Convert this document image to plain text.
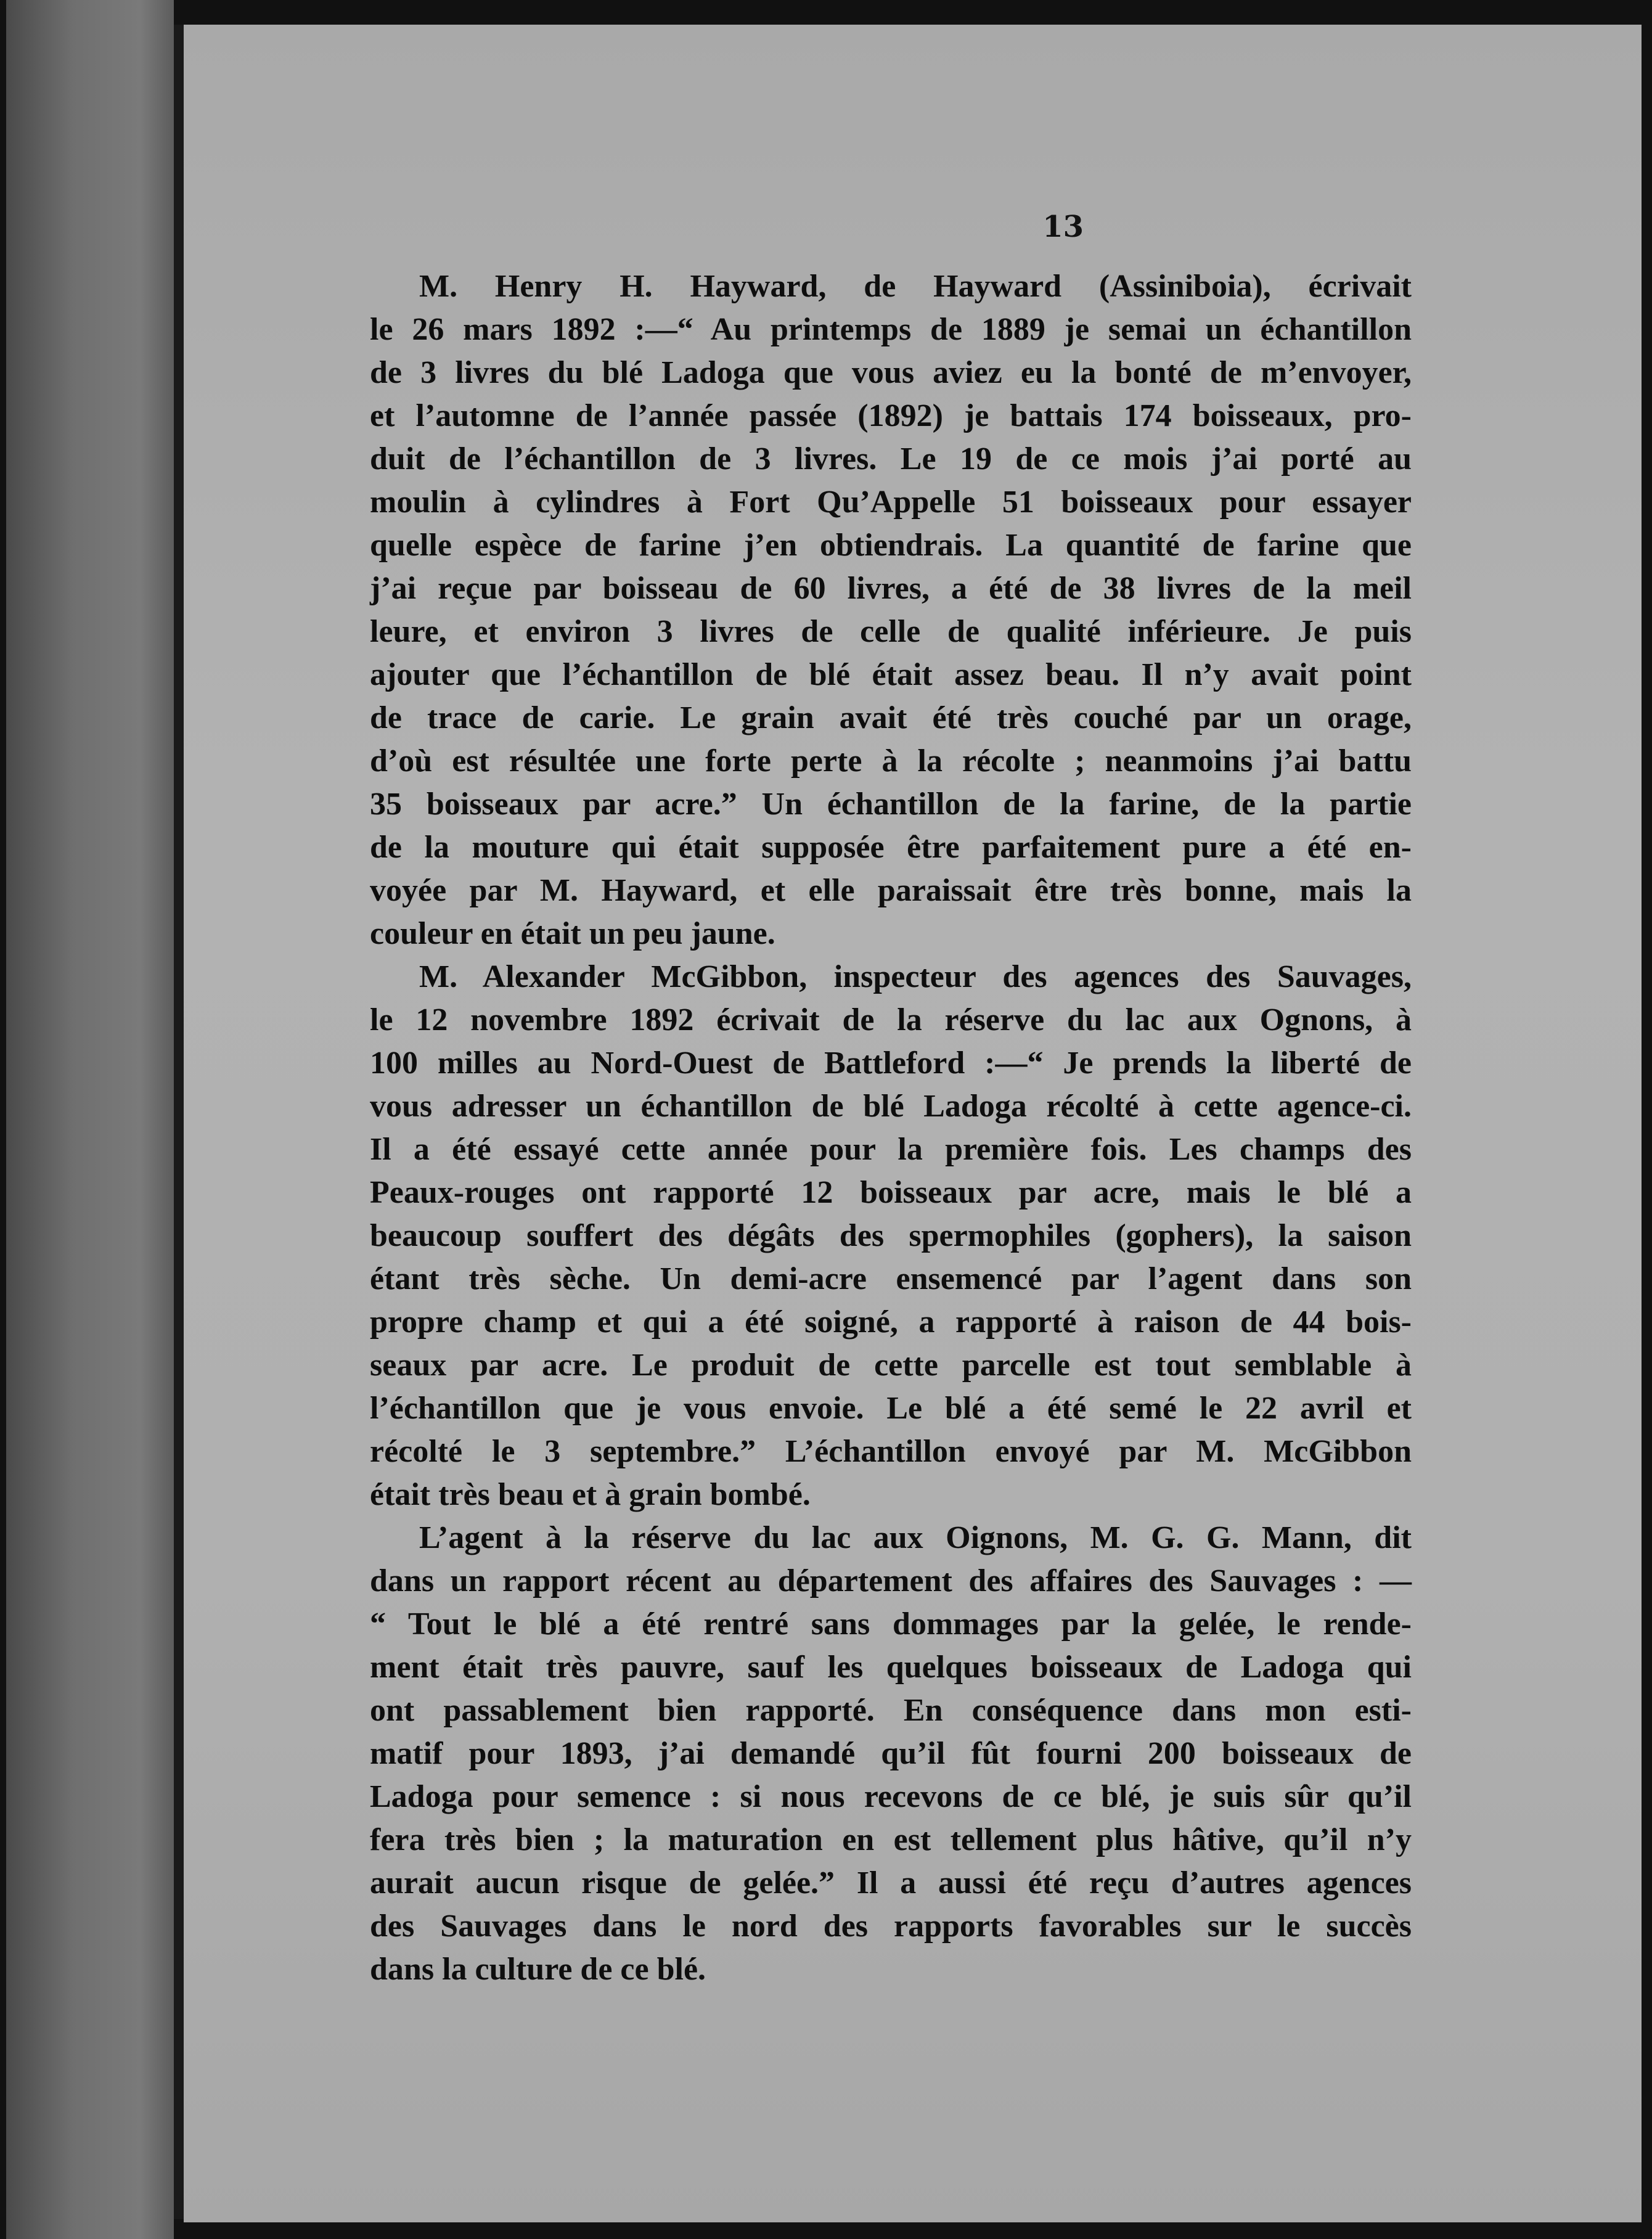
13
M. Henry H. Hayward, de Hayward (Assiniboia), écrivait
le 26 mars 1892 :—“ Au printemps de 1889 je semai un échantillon
de 3 livres du blé Ladoga que vous aviez eu la bonté de m’envoyer,
et l’automne de l’année passée (1892) je battais 174 boisseaux, pro-
duit de l’échantillon de 3 livres. Le 19 de ce mois j’ai porté au
moulin à cylindres à Fort Qu’Appelle 51 boisseaux pour essayer
quelle espèce de farine j’en obtiendrais. La quantité de farine que
j’ai reçue par boisseau de 60 livres, a été de 38 livres de la meil
leure, et environ 3 livres de celle de qualité inférieure. Je puis
ajouter que l’échantillon de blé était assez beau. Il n’y avait point
de trace de carie. Le grain avait été très couché par un orage,
d’où est résultée une forte perte à la récolte ; neanmoins j’ai battu
35 boisseaux par acre.” Un échantillon de la farine, de la partie
de la mouture qui était supposée être parfaitement pure a été en-
voyée par M. Hayward, et elle paraissait être très bonne, mais la
couleur en était un peu jaune.
M. Alexander McGibbon, inspecteur des agences des Sauvages,
le 12 novembre 1892 écrivait de la réserve du lac aux Ognons, à
100 milles au Nord-Ouest de Battleford :—“ Je prends la liberté de
vous adresser un échantillon de blé Ladoga récolté à cette agence-ci.
Il a été essayé cette année pour la première fois. Les champs des
Peaux-rouges ont rapporté 12 boisseaux par acre, mais le blé a
beaucoup souffert des dégâts des spermophiles (gophers), la saison
étant très sèche. Un demi-acre ensemencé par l’agent dans son
propre champ et qui a été soigné, a rapporté à raison de 44 bois-
seaux par acre. Le produit de cette parcelle est tout semblable à
l’échantillon que je vous envoie. Le blé a été semé le 22 avril et
récolté le 3 septembre.” L’échantillon envoyé par M. McGibbon
était très beau et à grain bombé.
L’agent à la réserve du lac aux Oignons, M. G. G. Mann, dit
dans un rapport récent au département des affaires des Sauvages : —
“ Tout le blé a été rentré sans dommages par la gelée, le rende-
ment était très pauvre, sauf les quelques boisseaux de Ladoga qui
ont passablement bien rapporté. En conséquence dans mon esti-
matif pour 1893, j’ai demandé qu’il fût fourni 200 boisseaux de
Ladoga pour semence : si nous recevons de ce blé, je suis sûr qu’il
fera très bien ; la maturation en est tellement plus hâtive, qu’il n’y
aurait aucun risque de gelée.” Il a aussi été reçu d’autres agences
des Sauvages dans le nord des rapports favorables sur le succès
dans la culture de ce blé.
